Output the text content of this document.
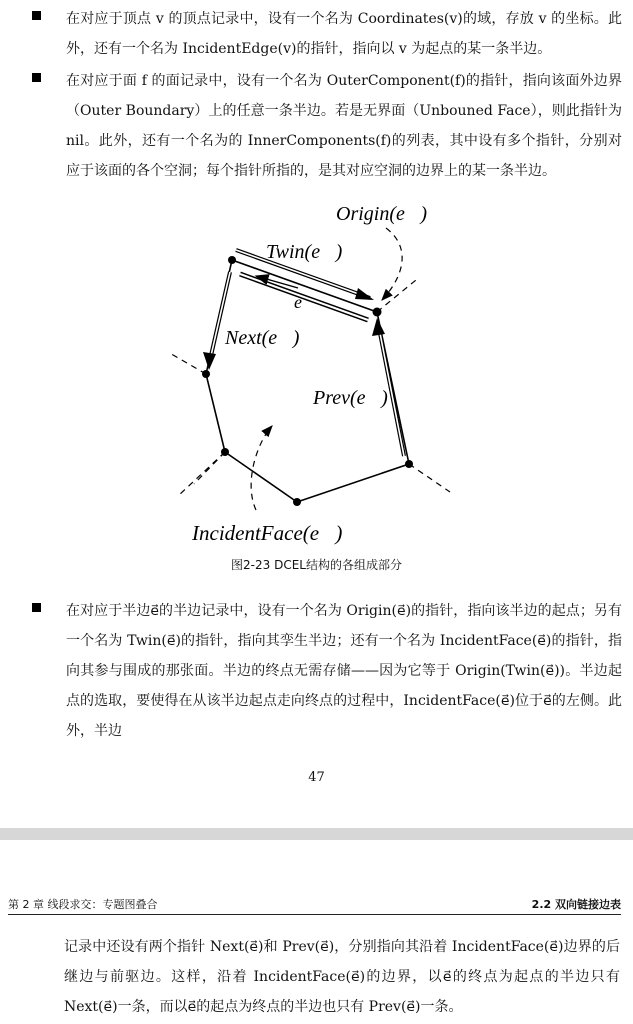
在对应于顶点 v 的顶点记录中，设有一个名为 Coordinates(v)的域，存放 v 的坐标。此外，还有一个名为 IncidentEdge(v)的指针，指向以 v 为起点的某一条半边。
在对应于面 f 的面记录中，设有一个名为 OuterComponent(f)的指针，指向该面外边界（Outer Boundary）上的任意一条半边。若是无界面（Unbouned Face），则此指针为 nil。此外，还有一个名为的 InnerComponents(f)的列表，其中设有多个指针，分别对应于该面的各个空洞；每个指针所指的，是其对应空洞的边界上的某一条半边。
Origin(e⃗)
Twin(e⃗)
e⃗
Next(e⃗)
Prev(e⃗)
IncidentFace(e⃗)
图2-23 DCEL结构的各组成部分
在对应于半边e⃗的半边记录中，设有一个名为 Origin(e⃗)的指针，指向该半边的起点；另有一个名为 Twin(e⃗)的指针，指向其孪生半边；还有一个名为 IncidentFace(e⃗)的指针，指向其参与围成的那张面。半边的终点无需存储——因为它等于 Origin(Twin(e⃗))。半边起点的选取，要使得在从该半边起点走向终点的过程中，IncidentFace(e⃗)位于e⃗的左侧。此外，半边
47
第 2 章 线段求交：专题图叠合	2.2 双向链接边表
记录中还设有两个指针 Next(e⃗)和 Prev(e⃗)，分别指向其沿着 IncidentFace(e⃗)边界的后继边与前驱边。这样，沿着 IncidentFace(e⃗)的边界，以e⃗的终点为起点的半边只有 Next(e⃗)一条，而以e⃗的起点为终点的半边也只有 Prev(e⃗)一条。
